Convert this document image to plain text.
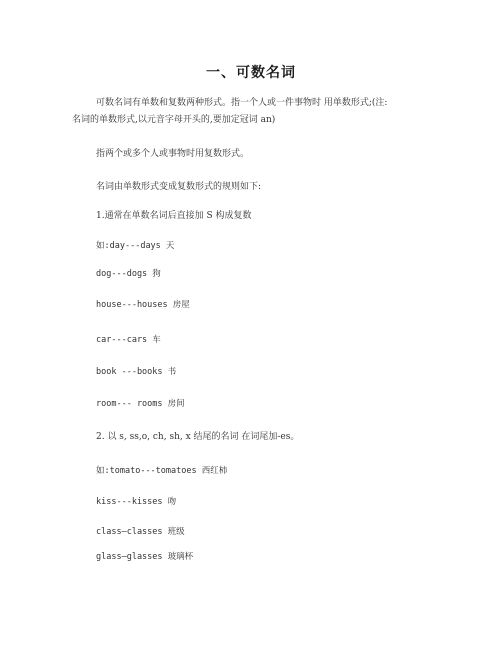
一、可数名词
可数名词有单数和复数两种形式。指一个人或一件事物时 用单数形式;(注:
名词的单数形式,以元音字母开头的,要加定冠词 an)
指两个或多个人或事物时用复数形式。
名词由单数形式变成复数形式的规则如下:
1.通常在单数名词后直接加 S 构成复数
如:day---days 天
dog---dogs 狗
house---houses 房屋
car---cars 车
book ---books 书
room--- rooms 房间
2. 以 s, ss,o, ch, sh, x 结尾的名词 在词尾加-es。
如:tomato---tomatoes 西红柿
kiss---kisses 吻
class—classes 班级
glass—glasses 玻璃杯
